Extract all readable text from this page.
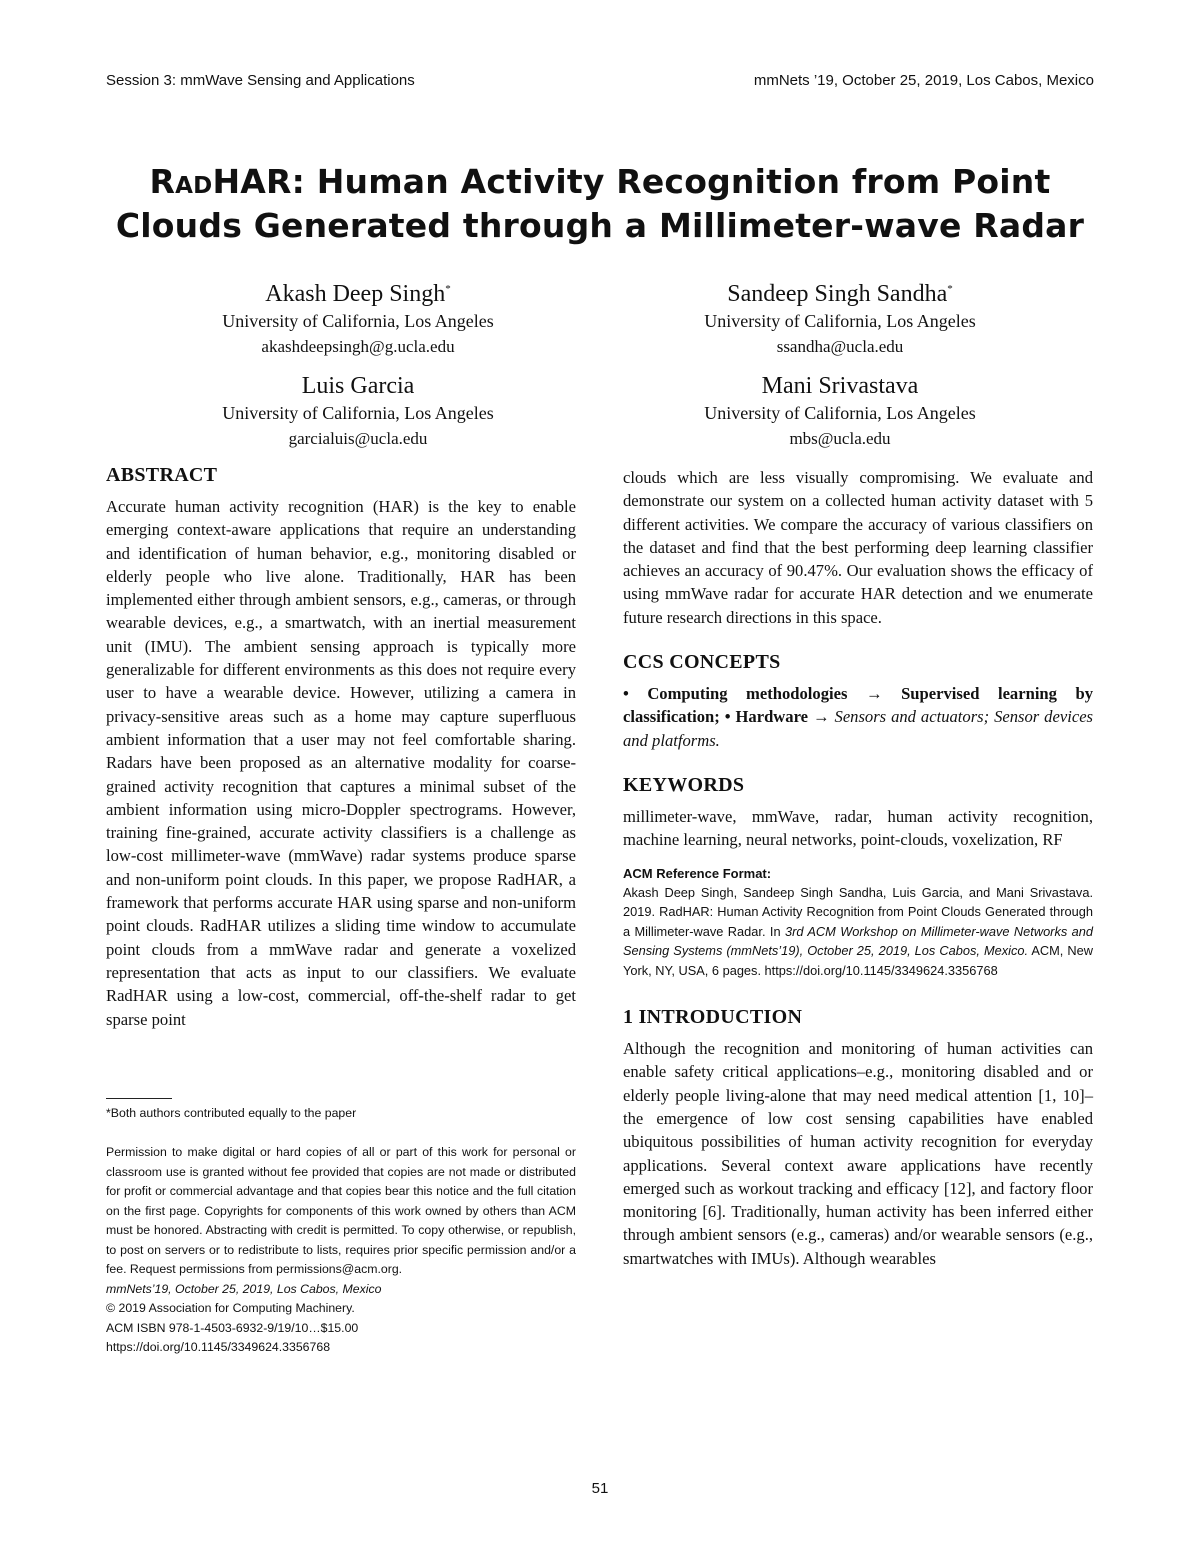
Session 3: mmWave Sensing and Applications	mmNets ’19, October 25, 2019, Los Cabos, Mexico
RadHAR: Human Activity Recognition from Point
Clouds Generated through a Millimeter-wave Radar
Akash Deep Singh*
University of California, Los Angeles
akashdeepsingh@g.ucla.edu
Sandeep Singh Sandha*
University of California, Los Angeles
ssandha@ucla.edu
Luis Garcia
University of California, Los Angeles
garcialuis@ucla.edu
Mani Srivastava
University of California, Los Angeles
mbs@ucla.edu
ABSTRACT

Accurate human activity recognition (HAR) is the key to enable emerging context-aware applications that require an understanding and identification of human behavior, e.g., monitoring disabled or elderly people who live alone. Traditionally, HAR has been implemented either through ambient sensors, e.g., cameras, or through wearable devices, e.g., a smartwatch, with an inertial measurement unit (IMU). The ambient sensing approach is typically more generalizable for different environments as this does not require every user to have a wearable device. However, utilizing a camera in privacy-sensitive areas such as a home may capture superfluous ambient information that a user may not feel comfortable sharing. Radars have been proposed as an alternative modality for coarse-grained activity recognition that captures a minimal subset of the ambient information using micro-Doppler spectrograms. However, training fine-grained, accurate activity classifiers is a challenge as low-cost millimeter-wave (mmWave) radar systems produce sparse and non-uniform point clouds. In this paper, we propose RadHAR, a framework that performs accurate HAR using sparse and non-uniform point clouds. RadHAR utilizes a sliding time window to accumulate point clouds from a mmWave radar and generate a voxelized representation that acts as input to our classifiers. We evaluate RadHAR using a low-cost, commercial, off-the-shelf radar to get sparse point

*Both authors contributed equally to the paper

Permission to make digital or hard copies of all or part of this work for personal or classroom use is granted without fee provided that copies are not made or distributed for profit or commercial advantage and that copies bear this notice and the full citation on the first page. Copyrights for components of this work owned by others than ACM must be honored. Abstracting with credit is permitted. To copy otherwise, or republish, to post on servers or to redistribute to lists, requires prior specific permission and/or a fee. Request permissions from permissions@acm.org.

mmNets’19, October 25, 2019, Los Cabos, Mexico

© 2019 Association for Computing Machinery.

ACM ISBN 978-1-4503-6932-9/19/10…$15.00

https://doi.org/10.1145/3349624.3356768

clouds which are less visually compromising. We evaluate and demonstrate our system on a collected human activity dataset with 5 different activities. We compare the accuracy of various classifiers on the dataset and find that the best performing deep learning classifier achieves an accuracy of 90.47%. Our evaluation shows the efficacy of using mmWave radar for accurate HAR detection and we enumerate future research directions in this space.

CCS CONCEPTS

• Computing methodologies → Supervised learning by classification; • Hardware → Sensors and actuators; Sensor devices and platforms.

KEYWORDS

millimeter-wave, mmWave, radar, human activity recognition, machine learning, neural networks, point-clouds, voxelization, RF

ACM Reference Format:

Akash Deep Singh, Sandeep Singh Sandha, Luis Garcia, and Mani Srivastava. 2019. RadHAR: Human Activity Recognition from Point Clouds Generated through a Millimeter-wave Radar. In 3rd ACM Workshop on Millimeter-wave Networks and Sensing Systems (mmNets’19), October 25, 2019, Los Cabos, Mexico. ACM, New York, NY, USA, 6 pages. https://doi.org/10.1145/3349624.3356768

1 INTRODUCTION

Although the recognition and monitoring of human activities can enable safety critical applications–e.g., monitoring disabled and or elderly people living-alone that may need medical attention [1, 10]–the emergence of low cost sensing capabilities have enabled ubiquitous possibilities of human activity recognition for everyday applications. Several context aware applications have recently emerged such as workout tracking and efficacy [12], and factory floor monitoring [6]. Traditionally, human activity has been inferred either through ambient sensors (e.g., cameras) and/or wearable sensors (e.g., smartwatches with IMUs). Although wearables

51
